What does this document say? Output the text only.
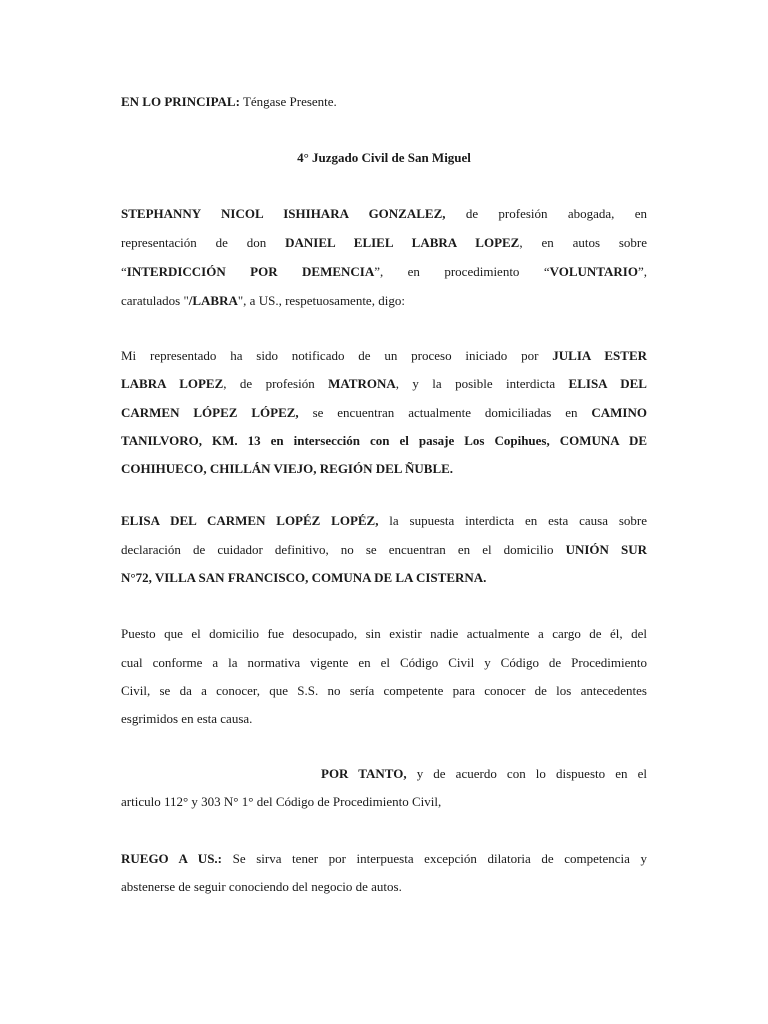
EN LO PRINCIPAL: Téngase Presente.
4° Juzgado Civil de San Miguel
STEPHANNY NICOL ISHIHARA GONZALEZ, de profesión abogada, en
representación de don DANIEL ELIEL LABRA LOPEZ, en autos sobre
“INTERDICCIÓN POR DEMENCIA”, en procedimiento “VOLUNTARIO”,
caratulados "/LABRA", a US., respetuosamente, digo:
Mi representado ha sido notificado de un proceso iniciado por JULIA ESTER
LABRA LOPEZ, de profesión MATRONA, y la posible interdicta ELISA DEL
CARMEN LÓPEZ LÓPEZ, se encuentran actualmente domiciliadas en CAMINO
TANILVORO, KM. 13 en intersección con el pasaje Los Copihues, COMUNA DE
COHIHUECO, CHILLÁN VIEJO, REGIÓN DEL ÑUBLE.
ELISA DEL CARMEN LOPÉZ LOPÉZ, la supuesta interdicta en esta causa sobre
declaración de cuidador definitivo, no se encuentran en el domicilio UNIÓN SUR
N°72, VILLA SAN FRANCISCO, COMUNA DE LA CISTERNA.
Puesto que el domicilio fue desocupado, sin existir nadie actualmente a cargo de él, del
cual conforme a la normativa vigente en el Código Civil y Código de Procedimiento
Civil, se da a conocer, que S.S. no sería competente para conocer de los antecedentes
esgrimidos en esta causa.
POR TANTO, y de acuerdo con lo dispuesto en el
articulo 112° y 303 N° 1° del Código de Procedimiento Civil,
RUEGO A US.: Se sirva tener por interpuesta excepción dilatoria de competencia y
abstenerse de seguir conociendo del negocio de autos.
